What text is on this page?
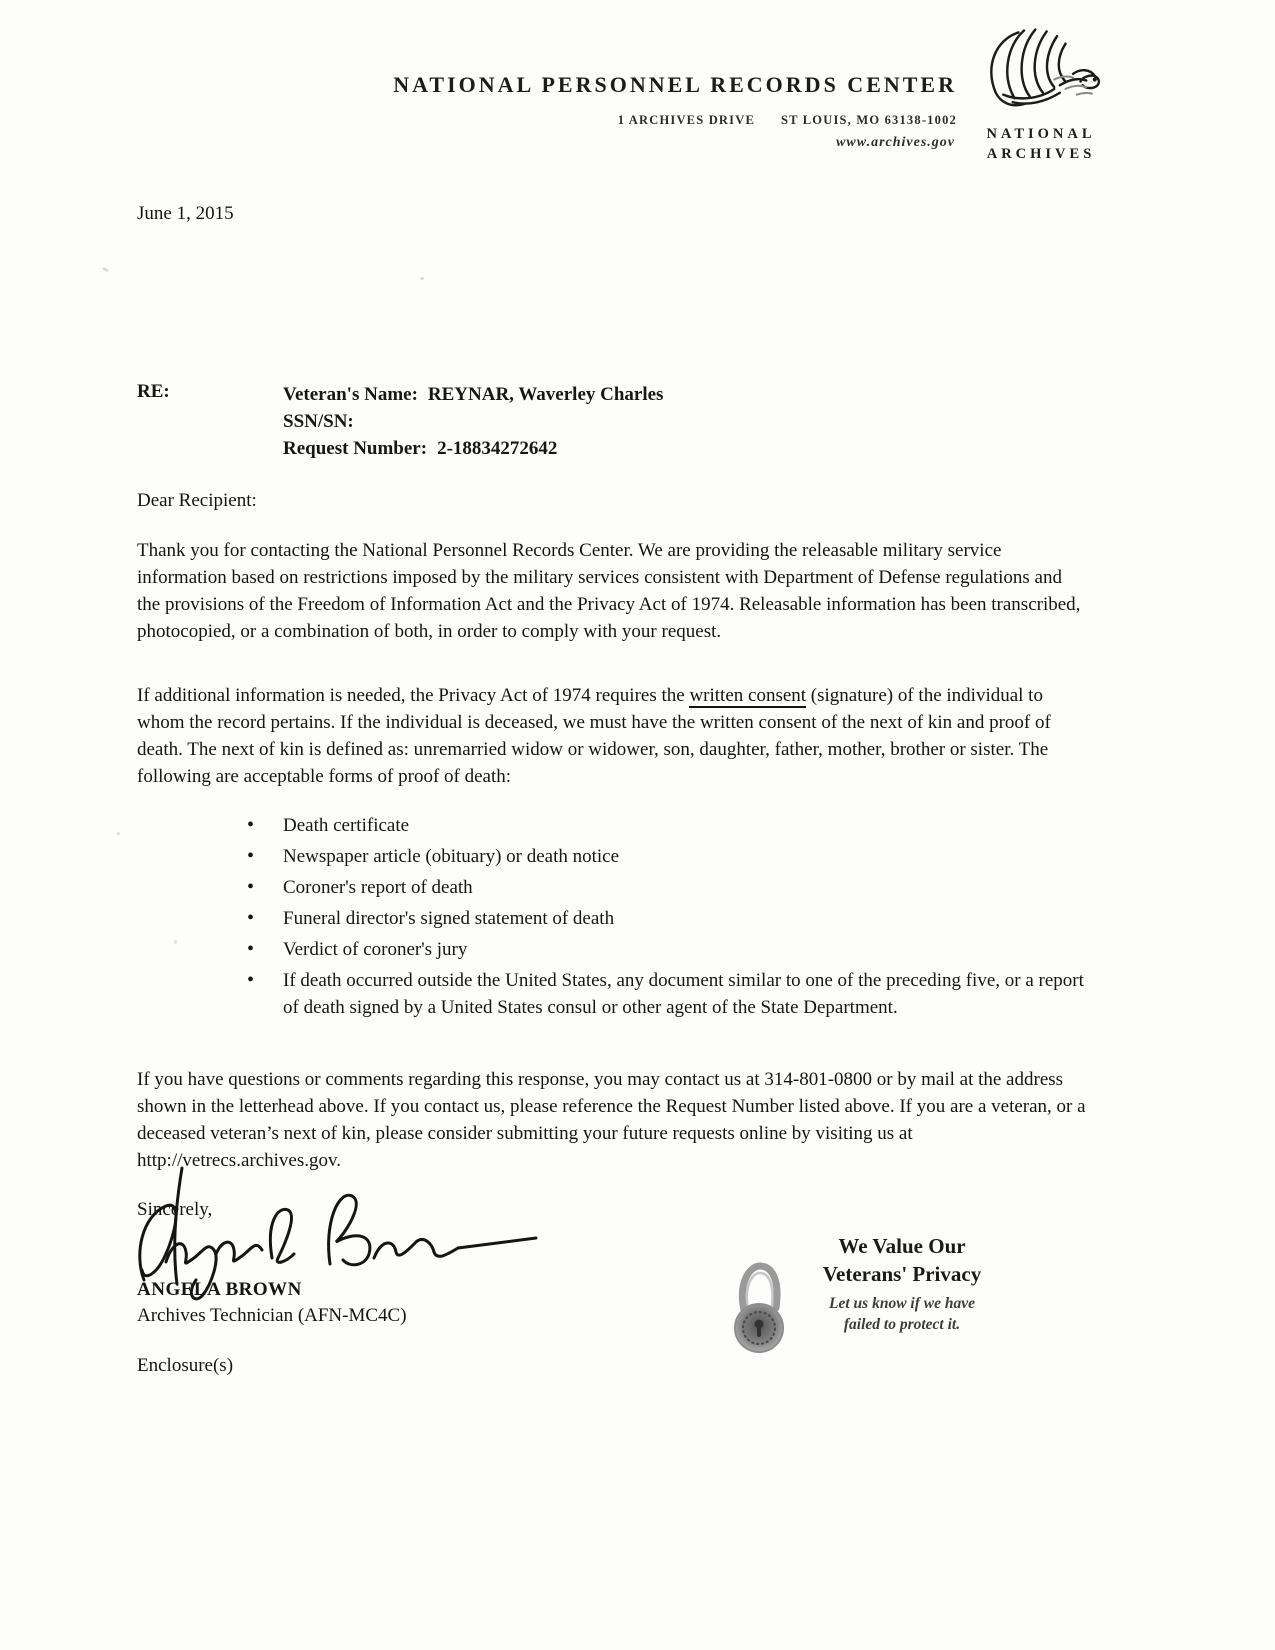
NATIONAL PERSONNEL RECORDS CENTER
1 ARCHIVES DRIVE ST LOUIS, MO 63138-1002
www.archives.gov
NATIONAL
ARCHIVES
June 1, 2015
RE:	Veteran's Name: REYNAR, Waverley Charles
SSN/SN:
Request Number: 2-18834272642
Dear Recipient:
Thank you for contacting the National Personnel Records Center. We are providing the releasable military service information based on restrictions imposed by the military services consistent with Department of Defense regulations and the provisions of the Freedom of Information Act and the Privacy Act of 1974. Releasable information has been transcribed, photocopied, or a combination of both, in order to comply with your request.
If additional information is needed, the Privacy Act of 1974 requires the written consent (signature) of the individual to whom the record pertains. If the individual is deceased, we must have the written consent of the next of kin and proof of death. The next of kin is defined as: unremarried widow or widower, son, daughter, father, mother, brother or sister. The following are acceptable forms of proof of death:
• Death certificate
• Newspaper article (obituary) or death notice
• Coroner's report of death
• Funeral director's signed statement of death
• Verdict of coroner's jury
• If death occurred outside the United States, any document similar to one of the preceding five, or a report of death signed by a United States consul or other agent of the State Department.
If you have questions or comments regarding this response, you may contact us at 314-801-0800 or by mail at the address shown in the letterhead above. If you contact us, please reference the Request Number listed above. If you are a veteran, or a deceased veteran’s next of kin, please consider submitting your future requests online by visiting us at http://vetrecs.archives.gov.
Sincerely,
ANGELA BROWN
Archives Technician (AFN-MC4C)
Enclosure(s)
We Value Our
Veterans' Privacy
Let us know if we have
failed to protect it.
